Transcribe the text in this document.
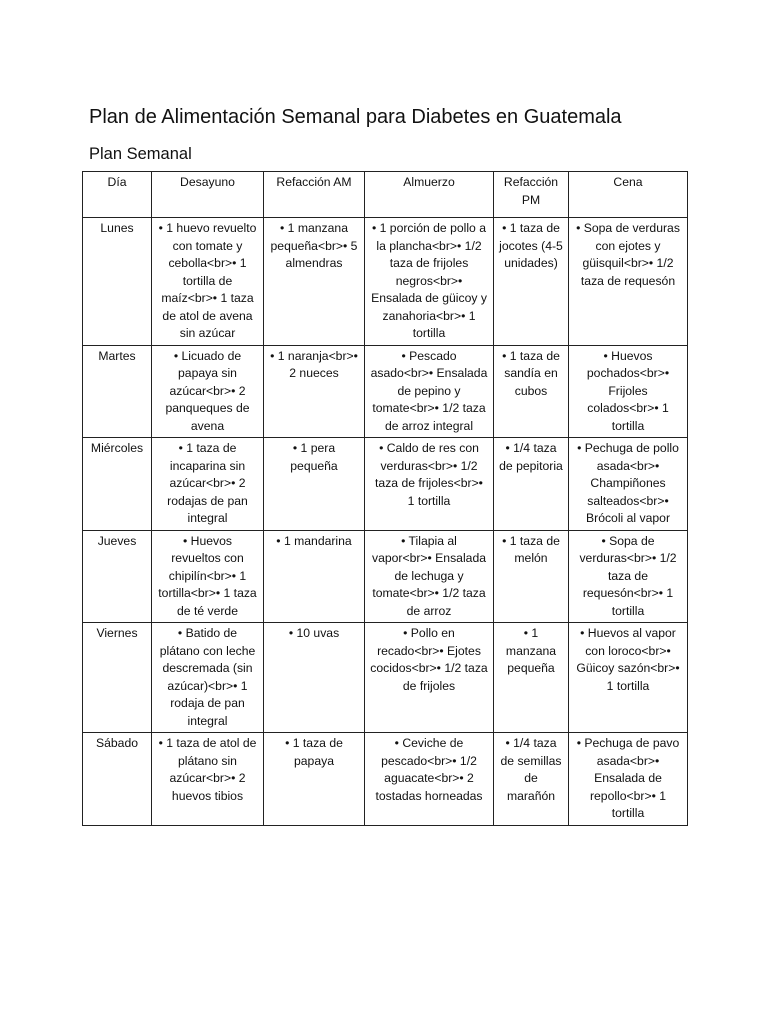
Plan de Alimentación Semanal para Diabetes en Guatemala
Plan Semanal
Día	Desayuno	Refacción AM	Almuerzo	Refacción PM	Cena
Lunes	• 1 huevo revuelto con tomate y cebolla<br>• 1 tortilla de maíz<br>• 1 taza de atol de avena sin azúcar	• 1 manzana pequeña<br>• 5 almendras	• 1 porción de pollo a la plancha<br>• 1/2 taza de frijoles negros<br>• Ensalada de güicoy y zanahoria<br>• 1 tortilla	• 1 taza de jocotes (4-5 unidades)	• Sopa de verduras con ejotes y güisquil<br>• 1/2 taza de requesón
Martes	• Licuado de papaya sin azúcar<br>• 2 panqueques de avena	• 1 naranja<br>• 2 nueces	• Pescado asado<br>• Ensalada de pepino y tomate<br>• 1/2 taza de arroz integral	• 1 taza de sandía en cubos	• Huevos pochados<br>• Frijoles colados<br>• 1 tortilla
Miércoles	• 1 taza de incaparina sin azúcar<br>• 2 rodajas de pan integral	• 1 pera pequeña	• Caldo de res con verduras<br>• 1/2 taza de frijoles<br>• 1 tortilla	• 1/4 taza de pepitoria	• Pechuga de pollo asada<br>• Champiñones salteados<br>• Brócoli al vapor
Jueves	• Huevos revueltos con chipilín<br>• 1 tortilla<br>• 1 taza de té verde	• 1 mandarina	• Tilapia al vapor<br>• Ensalada de lechuga y tomate<br>• 1/2 taza de arroz	• 1 taza de melón	• Sopa de verduras<br>• 1/2 taza de requesón<br>• 1 tortilla
Viernes	• Batido de plátano con leche descremada (sin azúcar)<br>• 1 rodaja de pan integral	• 10 uvas	• Pollo en recado<br>• Ejotes cocidos<br>• 1/2 taza de frijoles	• 1 manzana pequeña	• Huevos al vapor con loroco<br>• Güicoy sazón<br>• 1 tortilla
Sábado	• 1 taza de atol de plátano sin azúcar<br>• 2 huevos tibios	• 1 taza de papaya	• Ceviche de pescado<br>• 1/2 aguacate<br>• 2 tostadas horneadas	• 1/4 taza de semillas de marañón	• Pechuga de pavo asada<br>• Ensalada de repollo<br>• 1 tortilla
